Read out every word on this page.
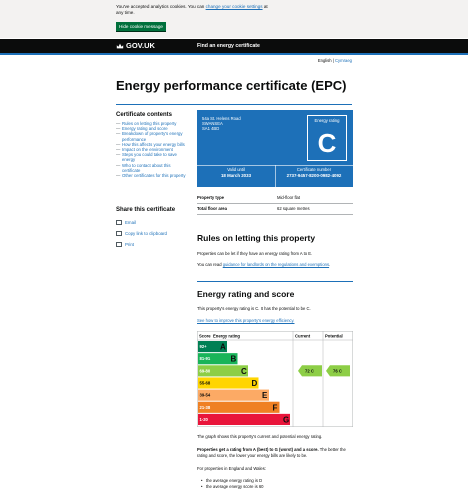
You've accepted analytics cookies. You can change your cookie settings at any time.
Hide cookie message
GOV.UK	Find an energy certificate
English | Cymraeg
Energy performance certificate (EPC)
Certificate contents
— Rules on letting this property
— Energy rating and score
— Breakdown of property's energy performance
— How this affects your energy bills
— Impact on the environment
— Steps you could take to save energy
— Who to contact about this certificate
— Other certificates for this property
Share this certificate
Email
Copy link to clipboard
Print
54a St. Helens Road
SWANSEA
SA1 4BD
Energy rating
C
Valid until
18 March 2033
Certificate number
2737-9457-8200-0982-4092
Property type	Mid-floor flat
Total floor area	62 square metres
Rules on letting this property
Properties can be let if they have an energy rating from A to E.
You can read guidance for landlords on the regulations and exemptions.
Energy rating and score
This property's energy rating is C. It has the potential to be C.
See how to improve this property's energy efficiency.
Score Energy rating	Current	Potential
92+ A
81-91	B
69-80	C
55-68	D
39-54	E
21-38	F
1-20	G
72 C	76 C
The graph shows this property's current and potential energy rating.
Properties get a rating from A (best) to G (worst) and a score. The better the rating and score, the lower your energy bills are likely to be.
For properties in England and Wales:
• the average energy rating is D
• the average energy score is 60
